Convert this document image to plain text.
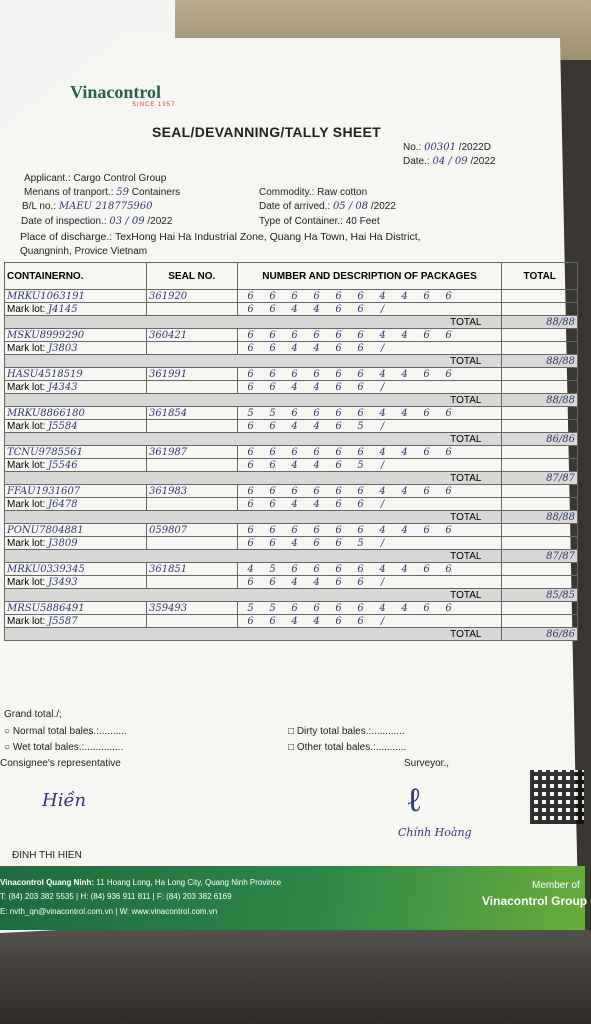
Vinacontrol
SINCE 1957
SEAL/DEVANNING/TALLY SHEET
No.: 00301 /2022D
Date.: 04 / 09 /2022
Applicant.: Cargo Control Group
Menans of tranport.: 59 Containers	Commodity.: Raw cotton
B/L no.: MAEU 218775960	Date of arrived.: 05 / 08 /2022
Date of inspection.: 03 / 09 /2022	Type of Container.: 40 Feet
Place of discharge.: TexHong Hai Ha Industrial Zone, Quang Ha Town, Hai Ha District,
Quangninh, Provice Vietnam
CONTAINERNO.	SEAL NO.	NUMBER AND DESCRIPTION OF PACKAGES	TOTAL
MRKU1063191	361920	6 6 6 6 6 6 4 4 6 6	
Mark lot: J4145		6 6 4 4 6 6 /	
TOTAL			88/88
MSKU8999290	360421	6 6 6 6 6 6 4 4 6 6	
Mark lot: J3803		6 6 4 4 6 6 /	
TOTAL			88/88
HASU4518519	361991	6 6 6 6 6 6 4 4 6 6	
Mark lot: J4343		6 6 4 4 6 6 /	
TOTAL			88/88
MRKU8866180	361854	5 5 6 6 6 6 4 4 6 6	
Mark lot: J5584		6 6 4 4 6 5 /	
TOTAL			86/86
TCNU9785561	361987	6 6 6 6 6 6 4 4 6 6	
Mark lot: J5546		6 6 4 4 6 5 /	
TOTAL			87/87
FFAU1931607	361983	6 6 6 6 6 6 4 4 6 6	
Mark lot: J6478		6 6 4 4 6 6 /	
TOTAL			88/88
PONU7804881	059807	6 6 6 6 6 6 4 4 6 6	
Mark lot: J3809		6 6 4 6 6 5 /	
TOTAL			87/87
MRKU0339345	361851	4 5 6 6 6 6 4 4 6 6	
Mark lot: J3493		6 6 4 4 6 6 /	
TOTAL			85/85
MRSU5886491	359493	5 5 6 6 6 6 4 4 6 6	
Mark lot: J5587		6 6 4 4 6 6 /	
TOTAL			86/86
Grand total./;
○ Normal total bales.:..........
○ Wet total bales.:..............
□ Dirty total bales.:............
□ Other total bales.:...........
Consignee's representative	Surveyor.,
Hiền
Chính Hoàng
ℓ
ĐINH THI HIEN
Vinacontrol Quang Ninh: 11 Hoang Long, Ha Long City, Quang Ninh Province
T: (84) 203 382 5535 | H: (84) 936 911 811 | F: (84) 203 382 6169
E: nvth_qn@vinacontrol.com.vn | W: www.vinacontrol.com.vn
Member of
Vinacontrol Group
